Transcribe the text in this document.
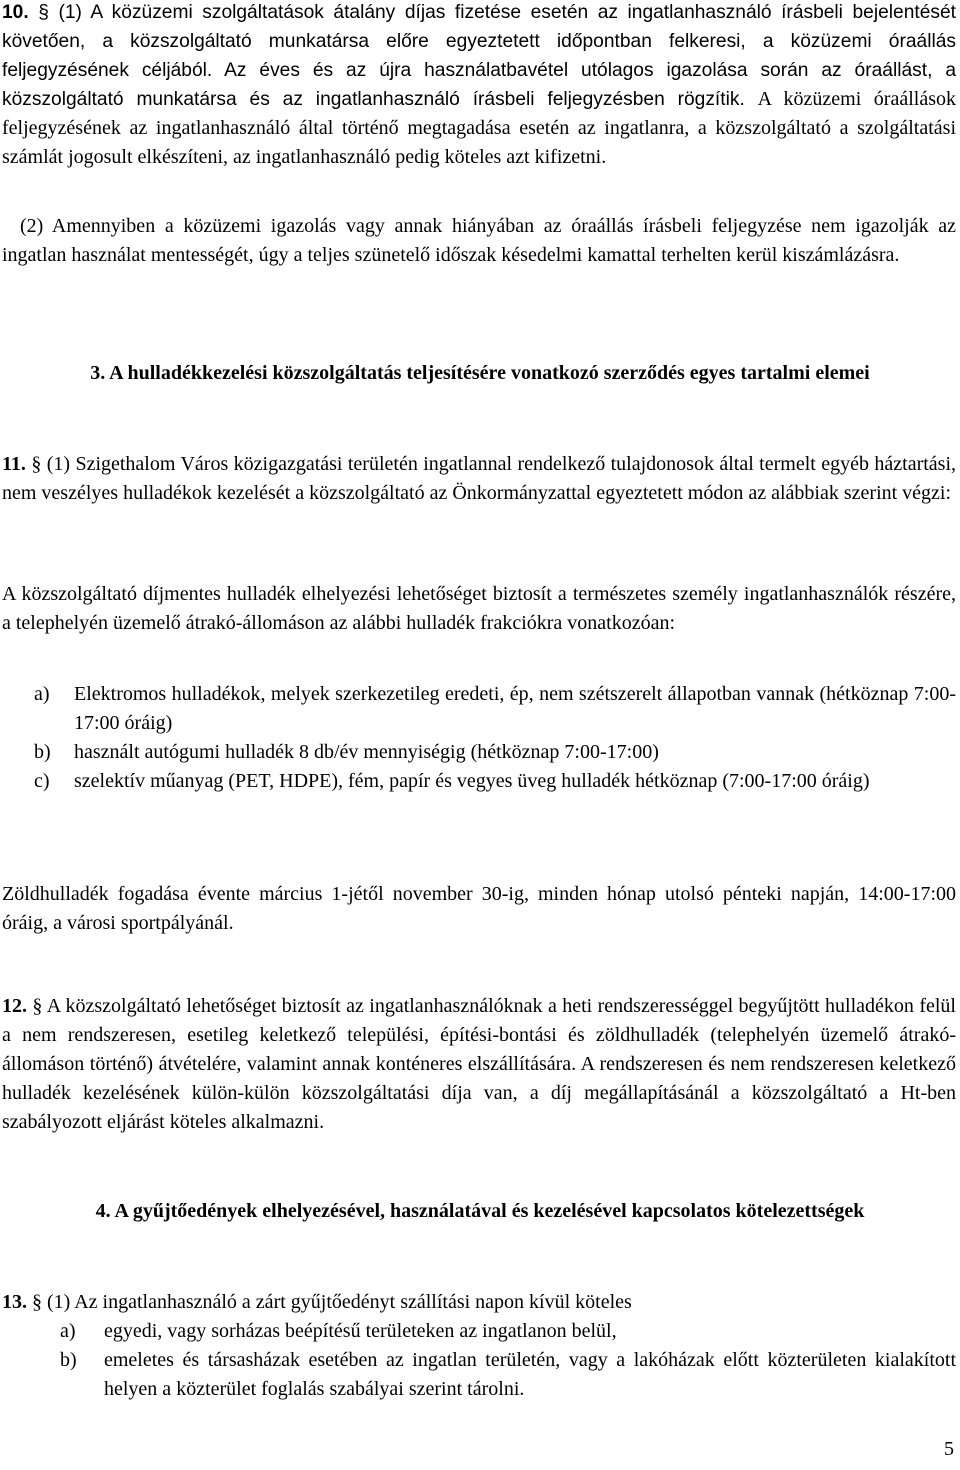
10. § (1) A közüzemi szolgáltatások átalány díjas fizetése esetén az ingatlanhasználó írásbeli bejelentését követően, a közszolgáltató munkatársa előre egyeztetett időpontban felkeresi, a közüzemi óraállás feljegyzésének céljából. Az éves és az újra használatbavétel utólagos igazolása során az óraállást, a közszolgáltató munkatársa és az ingatlanhasználó írásbeli feljegyzésben rögzítik. A közüzemi óraállások feljegyzésének az ingatlanhasználó által történő megtagadása esetén az ingatlanra, a közszolgáltató a szolgáltatási számlát jogosult elkészíteni, az ingatlanhasználó pedig köteles azt kifizetni.

(2) Amennyiben a közüzemi igazolás vagy annak hiányában az óraállás írásbeli feljegyzése nem igazolják az ingatlan használat mentességét, úgy a teljes szünetelő időszak késedelmi kamattal terhelten kerül kiszámlázásra.

3. A hulladékkezelési közszolgáltatás teljesítésére vonatkozó szerződés egyes tartalmi elemei

11. § (1) Szigethalom Város közigazgatási területén ingatlannal rendelkező tulajdonosok által termelt egyéb háztartási, nem veszélyes hulladékok kezelését a közszolgáltató az Önkormányzattal egyeztetett módon az alábbiak szerint végzi:

A közszolgáltató díjmentes hulladék elhelyezési lehetőséget biztosít a természetes személy ingatlanhasználók részére, a telephelyén üzemelő átrakó-állomáson az alábbi hulladék frakciókra vonatkozóan:

a) Elektromos hulladékok, melyek szerkezetileg eredeti, ép, nem szétszerelt állapotban vannak (hétköznap 7:00-17:00 óráig)
b) használt autógumi hulladék 8 db/év mennyiségig (hétköznap 7:00-17:00)
c) szelektív műanyag (PET, HDPE), fém, papír és vegyes üveg hulladék hétköznap (7:00-17:00 óráig)

Zöldhulladék fogadása évente március 1-jétől november 30-ig, minden hónap utolsó pénteki napján, 14:00-17:00 óráig, a városi sportpályánál.

12. § A közszolgáltató lehetőséget biztosít az ingatlanhasználóknak a heti rendszerességgel begyűjtött hulladékon felül a nem rendszeresen, esetileg keletkező települési, építési-bontási és zöldhulladék (telephelyén üzemelő átrakó-állomáson történő) átvételére, valamint annak konténeres elszállítására. A rendszeresen és nem rendszeresen keletkező hulladék kezelésének külön-külön közszolgáltatási díja van, a díj megállapításánál a közszolgáltató a Ht-ben szabályozott eljárást köteles alkalmazni.

4. A gyűjtőedények elhelyezésével, használatával és kezelésével kapcsolatos kötelezettségek

13. § (1) Az ingatlanhasználó a zárt gyűjtőedényt szállítási napon kívül köteles

a) egyedi, vagy sorházas beépítésű területeken az ingatlanon belül,
b) emeletes és társasházak esetében az ingatlan területén, vagy a lakóházak előtt közterületen kialakított helyen a közterület foglalás szabályai szerint tárolni.
5
